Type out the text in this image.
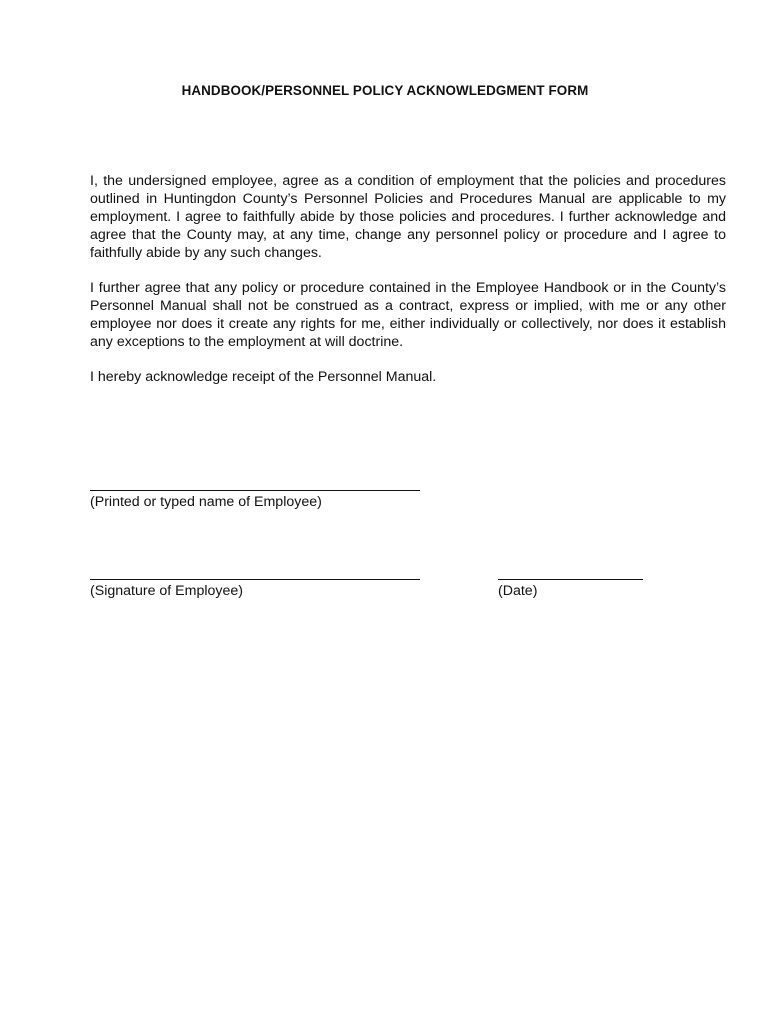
HANDBOOK/PERSONNEL POLICY ACKNOWLEDGMENT FORM

I, the undersigned employee, agree as a condition of employment that the policies and procedures outlined in Huntingdon County’s Personnel Policies and Procedures Manual are applicable to my employment. I agree to faithfully abide by those policies and procedures. I further acknowledge and agree that the County may, at any time, change any personnel policy or procedure and I agree to faithfully abide by any such changes.

I further agree that any policy or procedure contained in the Employee Handbook or in the County’s Personnel Manual shall not be construed as a contract, express or implied, with me or any other employee nor does it create any rights for me, either individually or collectively, nor does it establish any exceptions to the employment at will doctrine.

I hereby acknowledge receipt of the Personnel Manual.

(Printed or typed name of Employee)
(Signature of Employee)	(Date)
